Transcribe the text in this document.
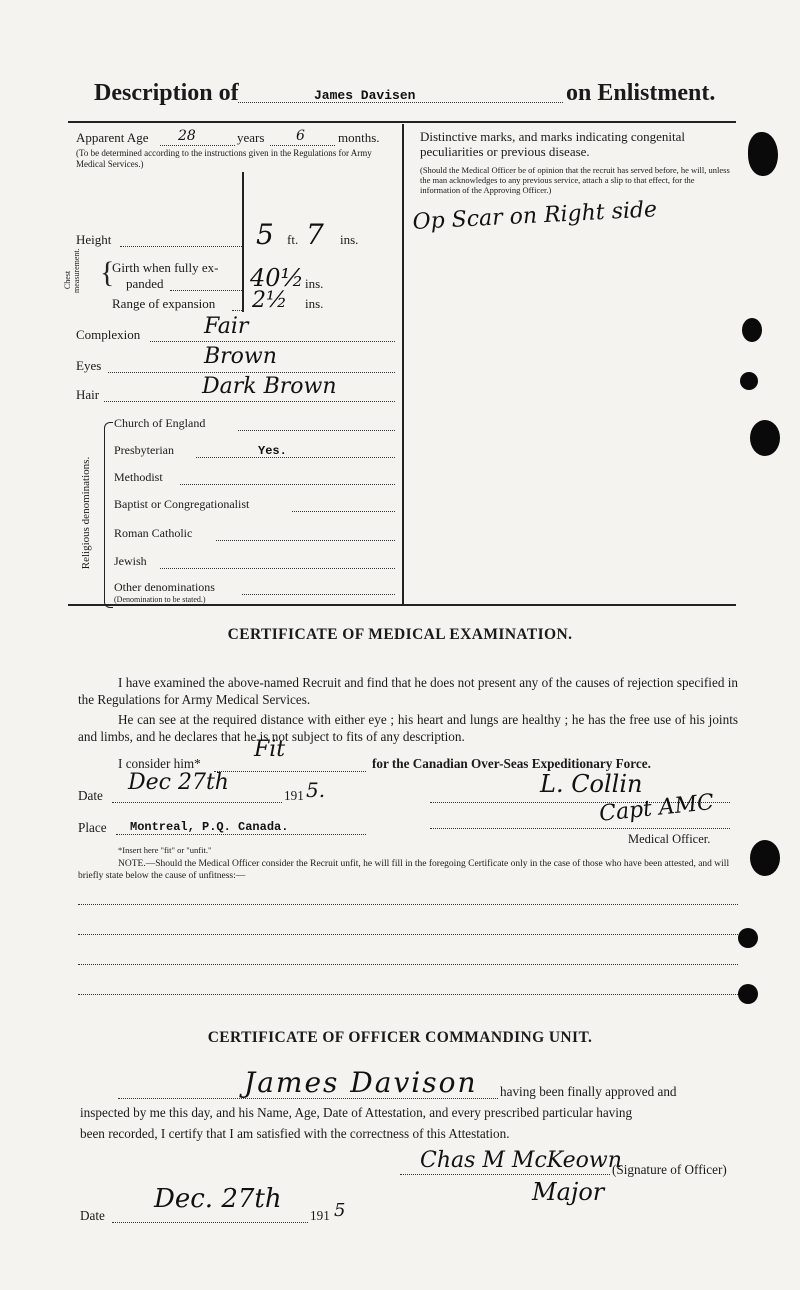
Description of	James Davisen	on Enlistment.
Apparent Age 28	years 6	months.
(To be determined according to the instructions given in the Regulations for Army Medical Services.)
Height	5 ft. 7 ins.
Chest measurement. {
Girth when fully ex-
panded	40½ ins.
Range of expansion 2½ ins.
Complexion	Fair
Eyes	Brown
Hair	Dark Brown
Religious denominations.
Church of England
Presbyterian	Yes.
Methodist
Baptist or Congregationalist
Roman Catholic
Jewish
Other denominations
(Denomination to be stated.)
Distinctive marks, and marks indicating congenital peculiarities or previous disease.
(Should the Medical Officer be of opinion that the recruit has served before, he will, unless the man acknowledges to any previous service, attach a slip to that effect, for the information of the Approving Officer.)
Op Scar on Right side
CERTIFICATE OF MEDICAL EXAMINATION.
I have examined the above-named Recruit and find that he does not present any of the causes of rejection specified in the Regulations for Army Medical Services.
He can see at the required distance with either eye ; his heart and lungs are healthy ; he has the free use of his joints and limbs, and he declares that he is not subject to fits of any description.
I consider him*
Fit
for the Canadian Over-Seas Expeditionary Force.
Date
Dec 27th
191 5.	L. Collin
Place Montreal, P.Q. Canada.
Capt AMC
Medical Officer.
*Insert here "fit" or "unfit."
NOTE.—Should the Medical Officer consider the Recruit unfit, he will fill in the foregoing Certificate only in the case of those who have been attested, and will briefly state below the cause of unfitness:—
CERTIFICATE OF OFFICER COMMANDING UNIT.
James Davison having been finally approved and
inspected by me this day, and his Name, Age, Date of Attestation, and every prescribed particular having
been recorded, I certify that I am satisfied with the correctness of this Attestation.
Chas M McKeown
(Signature of Officer)
Major
Date
Dec. 27th
191 5
